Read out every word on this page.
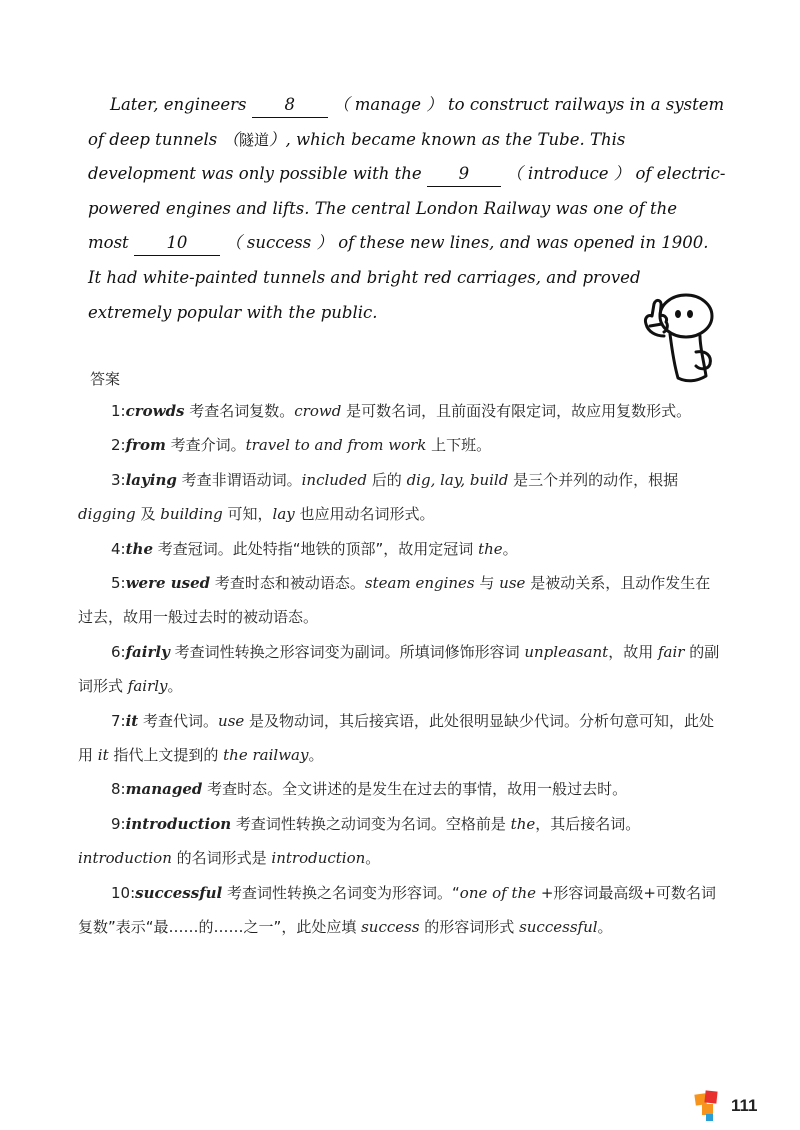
Later, engineers 8 （ manage ） to construct railways in a system
of deep tunnels （隧道）, which became known as the Tube. This
development was only possible with the 9 （ introduce ） of electric-
powered engines and lifts. The central London Railway was one of the
most 10 （ success ） of these new lines, and was opened in 1900.
It had white-painted tunnels and bright red carriages, and proved
extremely popular with the public.
答案

1:crowds 考查名词复数。crowd 是可数名词，且前面没有限定词，故应用复数形式。

2:from 考查介词。travel to and from work 上下班。

3:laying 考查非谓语动词。included 后的 dig, lay, build 是三个并列的动作，根据 digging 及 building 可知，lay 也应用动名词形式。

4:the 考查冠词。此处特指“地铁的顶部”，故用定冠词 the。

5:were used 考查时态和被动语态。steam engines 与 use 是被动关系，且动作发生在过去，故用一般过去时的被动语态。

6:fairly 考查词性转换之形容词变为副词。所填词修饰形容词 unpleasant，故用 fair 的副词形式 fairly。

7:it 考查代词。use 是及物动词，其后接宾语，此处很明显缺少代词。分析句意可知，此处用 it 指代上文提到的 the railway。

8:managed 考查时态。全文讲述的是发生在过去的事情，故用一般过去时。

9:introduction 考查词性转换之动词变为名词。空格前是 the，其后接名词。introduction 的名词形式是 introduction。

10:successful 考查词性转换之名词变为形容词。“one of the +形容词最高级+可数名词复数”表示“最……的……之一”，此处应填 success 的形容词形式 successful。

111
